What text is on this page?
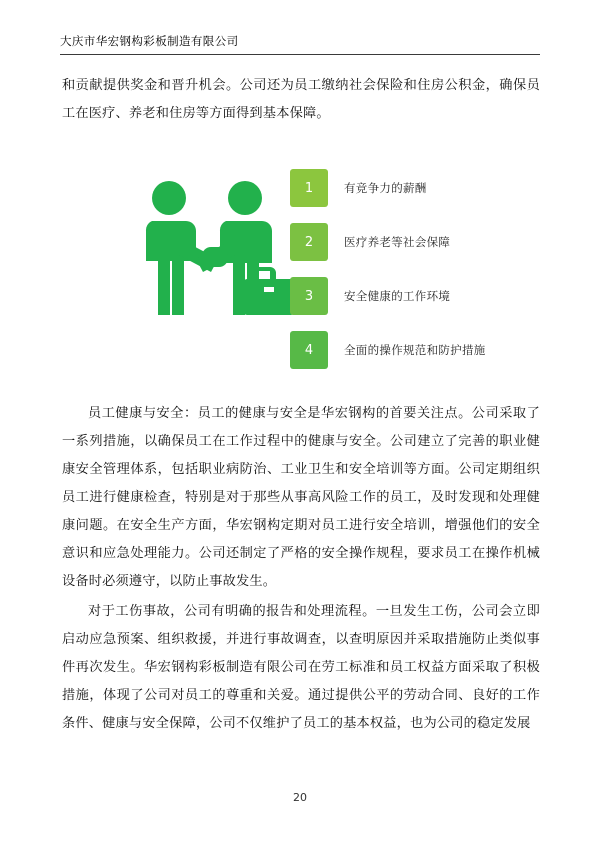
大庆市华宏钢构彩板制造有限公司

和贡献提供奖金和晋升机会。公司还为员工缴纳社会保险和住房公积金，确保员工在医疗、养老和住房等方面得到基本保障。

1	有竞争力的薪酬
2	医疗养老等社会保障
3	安全健康的工作环境
4	全面的操作规范和防护措施

员工健康与安全：员工的健康与安全是华宏钢构的首要关注点。公司采取了一系列措施，以确保员工在工作过程中的健康与安全。公司建立了完善的职业健康安全管理体系，包括职业病防治、工业卫生和安全培训等方面。公司定期组织员工进行健康检查，特别是对于那些从事高风险工作的员工，及时发现和处理健康问题。在安全生产方面，华宏钢构定期对员工进行安全培训，增强他们的安全意识和应急处理能力。公司还制定了严格的安全操作规程，要求员工在操作机械设备时必须遵守，以防止事故发生。

对于工伤事故，公司有明确的报告和处理流程。一旦发生工伤，公司会立即启动应急预案、组织救援，并进行事故调查，以查明原因并采取措施防止类似事件再次发生。华宏钢构彩板制造有限公司在劳工标准和员工权益方面采取了积极措施，体现了公司对员工的尊重和关爱。通过提供公平的劳动合同、良好的工作条件、健康与安全保障，公司不仅维护了员工的基本权益，也为公司的稳定发展

20
